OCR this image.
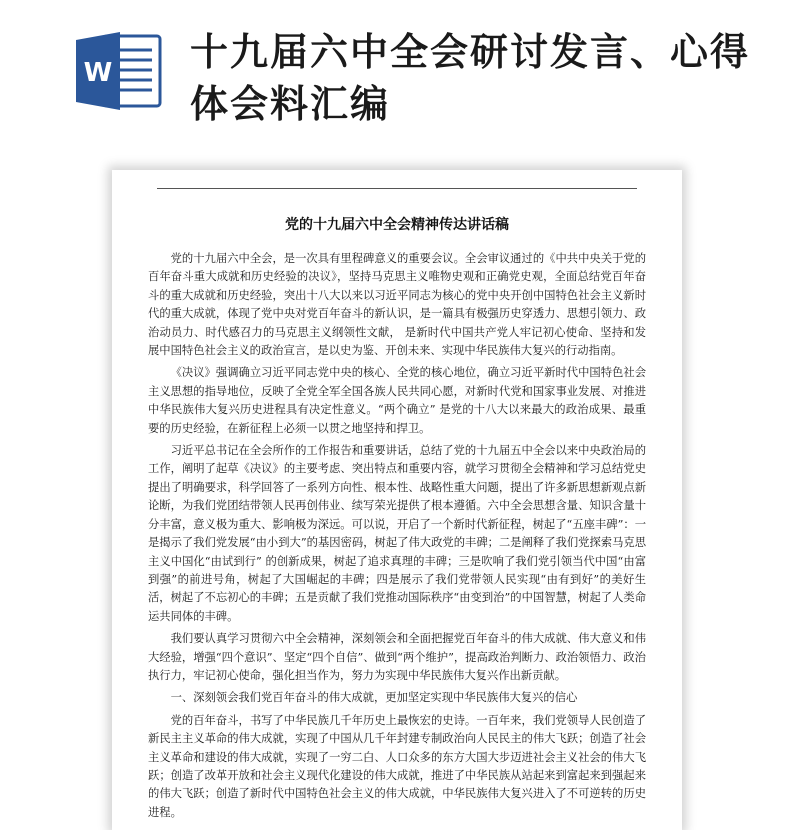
W 十九届六中全会研讨发言、心得体会料汇编
党的十九届六中全会精神传达讲话稿

党的十九届六中全会，是一次具有里程碑意义的重要会议。全会审议通过的《中共中央关于党的百年奋斗重大成就和历史经验的决议》，坚持马克思主义唯物史观和正确党史观，全面总结党百年奋斗的重大成就和历史经验，突出十八大以来以习近平同志为核心的党中央开创中国特色社会主义新时代的重大成就，体现了党中央对党百年奋斗的新认识，是一篇具有极强历史穿透力、思想引领力、政治动员力、时代感召力的马克思主义纲领性文献， 是新时代中国共产党人牢记初心使命、坚持和发展中国特色社会主义的政治宣言，是以史为鉴、开创未来、实现中华民族伟大复兴的行动指南。

《决议》强调确立习近平同志党中央的核心、全党的核心地位，确立习近平新时代中国特色社会主义思想的指导地位，反映了全党全军全国各族人民共同心愿，对新时代党和国家事业发展、对推进中华民族伟大复兴历史进程具有决定性意义。“两个确立” 是党的十八大以来最大的政治成果、最重要的历史经验，在新征程上必须一以贯之地坚持和捍卫。

习近平总书记在全会所作的工作报告和重要讲话，总结了党的十九届五中全会以来中央政治局的工作，阐明了起草《决议》的主要考虑、突出特点和重要内容，就学习贯彻全会精神和学习总结党史提出了明确要求，科学回答了一系列方向性、根本性、战略性重大问题，提出了许多新思想新观点新论断，为我们党团结带领人民再创伟业、续写荣光提供了根本遵循。六中全会思想含量、知识含量十分丰富，意义极为重大、影响极为深远。可以说，开启了一个新时代新征程，树起了“五座丰碑”：一是揭示了我们党发展“由小到大”的基因密码，树起了伟大政党的丰碑；二是阐释了我们党探索马克思主义中国化“由试到行” 的创新成果，树起了追求真理的丰碑；三是吹响了我们党引领当代中国“由富到强”的前进号角，树起了大国崛起的丰碑；四是展示了我们党带领人民实现“由有到好”的美好生活，树起了不忘初心的丰碑；五是贡献了我们党推动国际秩序“由变到治”的中国智慧，树起了人类命运共同体的丰碑。

我们要认真学习贯彻六中全会精神，深刻领会和全面把握党百年奋斗的伟大成就、伟大意义和伟大经验，增强“四个意识”、坚定“四个自信”、做到“两个维护”，提高政治判断力、政治领悟力、政治执行力，牢记初心使命，强化担当作为，努力为实现中华民族伟大复兴作出新贡献。

一、深刻领会我们党百年奋斗的伟大成就，更加坚定实现中华民族伟大复兴的信心

党的百年奋斗，书写了中华民族几千年历史上最恢宏的史诗。一百年来，我们党领导人民创造了新民主主义革命的伟大成就，实现了中国从几千年封建专制政治向人民民主的伟大飞跃；创造了社会主义革命和建设的伟大成就，实现了一穷二白、人口众多的东方大国大步迈进社会主义社会的伟大飞跃；创造了改革开放和社会主义现代化建设的伟大成就，推进了中华民族从站起来到富起来到强起来的伟大飞跃；创造了新时代中国特色社会主义的伟大成就，中华民族伟大复兴进入了不可逆转的历史进程。
